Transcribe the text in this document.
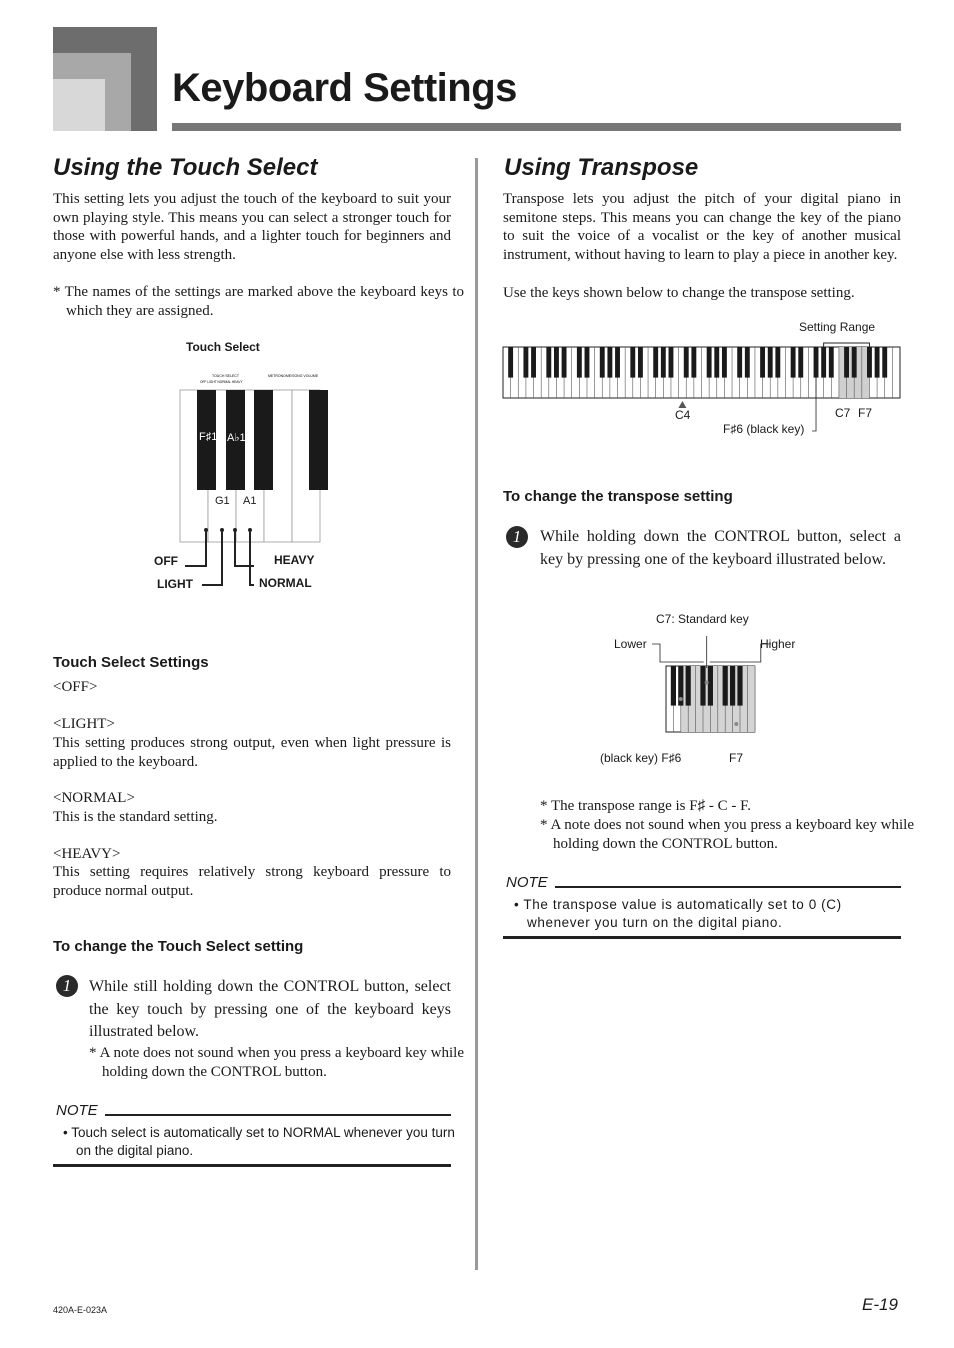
Keyboard Settings
Using the Touch Select

This setting lets you adjust the touch of the keyboard to suit your own playing style. This means you can select a stronger touch for those with powerful hands, and a lighter touch for beginners and anyone else with less strength.

* The names of the settings are marked above the keyboard keys to which they are assigned.

Touch Select
TOUCH SELECT	METRONOME/SONG VOLUME
OFF LIGHT NORMAL HEAVY
F♯1 A♭1
G1 A1
OFF
LIGHT
HEAVY
NORMAL
Touch Select Settings

<OFF>

<LIGHT>

This setting produces strong output, even when light pressure is applied to the keyboard.

<NORMAL>

This is the standard setting.

<HEAVY>

This setting requires relatively strong keyboard pressure to produce normal output.

To change the Touch Select setting
1	While still holding down the CONTROL button, select the key touch by pressing one of the keyboard keys illustrated below.

* A note does not sound when you press a keyboard key while holding down the CONTROL button.

NOTE

• Touch select is automatically set to NORMAL whenever you turn on the digital piano.

Using Transpose

Transpose lets you adjust the pitch of your digital piano in semitone steps. This means you can change the key of the piano to suit the voice of a vocalist or the key of another musical instrument, without having to learn to play a piece in another key.

Use the keys shown below to change the transpose setting.

Setting Range
C4	C7 F7
F♯6 (black key)
To change the transpose setting
1	While holding down the CONTROL button, select a key by pressing one of the keyboard illustrated below.

C7: Standard key
Lower	Higher
(black key) F♯6	F7

* The transpose range is F♯ - C - F.

* A note does not sound when you press a keyboard key while holding down the CONTROL button.

NOTE

• The transpose value is automatically set to 0 (C) whenever you turn on the digital piano.

420A-E-023A	E-19
